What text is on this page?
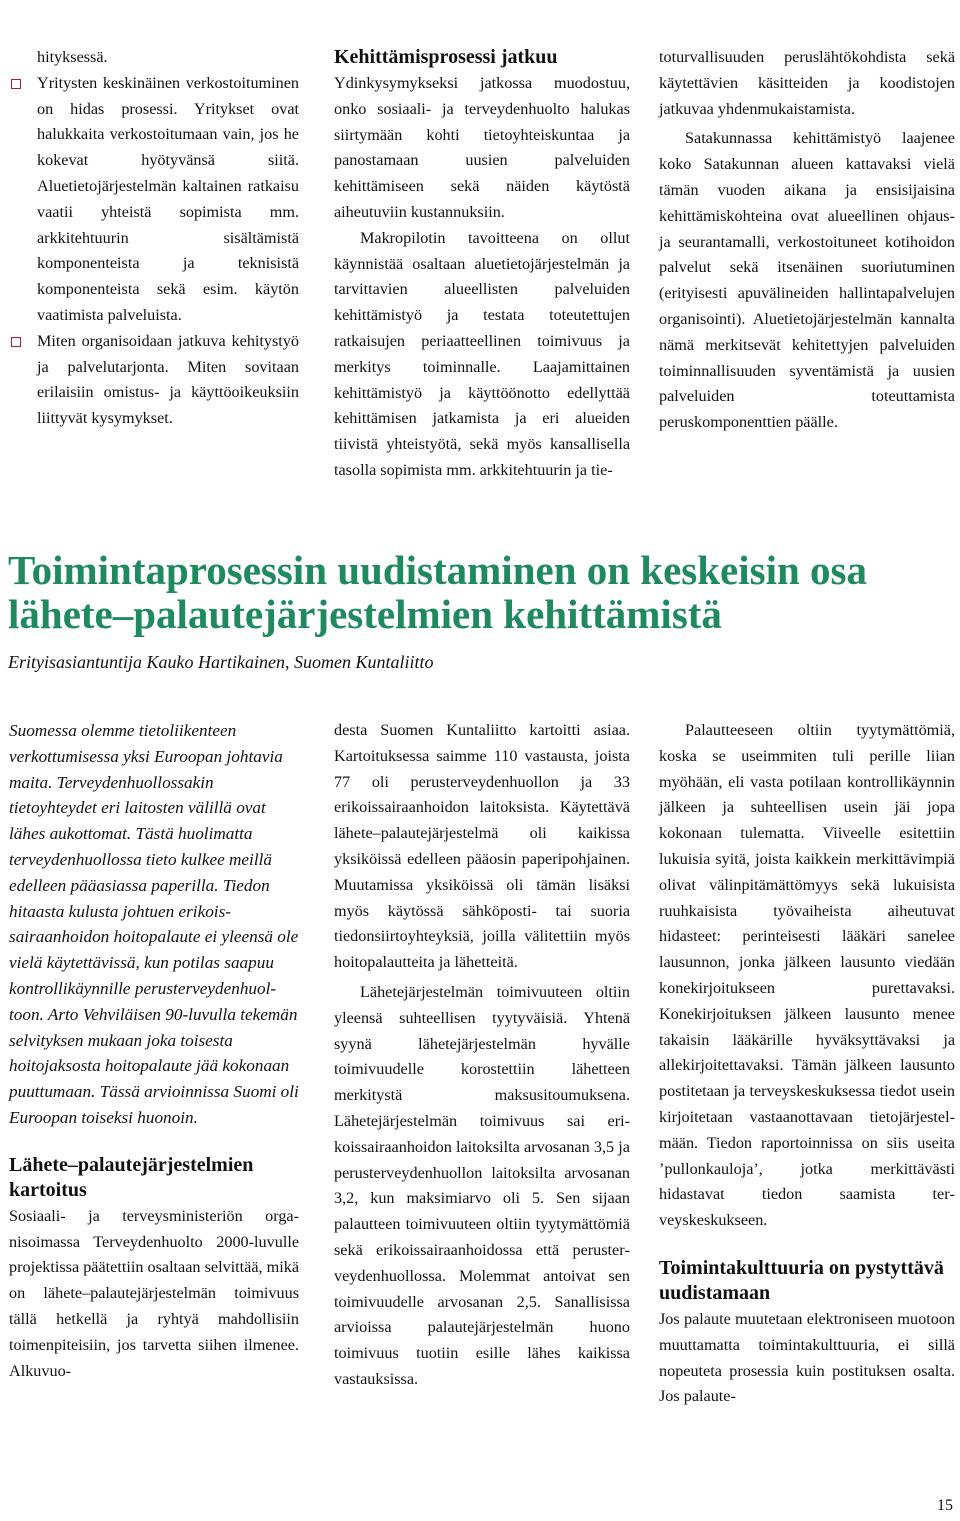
hityksessä.

Yritysten keskinäinen verkostoituminen on hidas prosessi. Yritykset ovat halukkaita verkostoitumaan vain, jos he kokevat hyötyvänsä siitä. Aluetietojärjestelmän kaltainen ratkaisu vaatii yhteistä sopimista mm. arkkitehtuurin sisältämistä komponenteista ja teknisistä komponenteista sekä esim. käytön vaatimista palveluista.
Miten organisoidaan jatkuva kehitystyö ja palvelutarjonta. Miten sovitaan erilaisiin omistus- ja käyttöoikeuksiin liittyvät kysymykset.
Kehittämisprosessi jatkuu

Ydinkysymykseksi jatkossa muodostuu, onko sosiaali- ja terveydenhuolto halukas siirtymään kohti tietoyhteiskuntaa ja panostamaan uusien palveluiden kehittämiseen sekä näiden käytöstä aiheutuviin kustannuksiin.

Makropilotin tavoitteena on ollut käynnistää osaltaan aluetietojärjestelmän ja tarvittavien alueellisten palveluiden kehittämistyö ja testata toteutettujen ratkaisujen periaatteellinen toimivuus ja merkitys toiminnalle. Laajamittainen kehittämistyö ja käyttöönotto edellyttää kehittämisen jatkamista ja eri alueiden tiivistä yhteistyötä, sekä myös kansallisella tasolla sopimista mm. arkkitehtuurin ja tie-

toturvallisuuden peruslähtökohdista sekä käytettävien käsitteiden ja koodistojen jatkuvaa yhdenmukaistamista.

Satakunnassa kehittämistyö laajenee koko Satakunnan alueen kattavaksi vielä tämän vuoden aikana ja ensisijaisina kehittämiskohteina ovat alueellinen ohjaus- ja seurantamalli, verkostoituneet kotihoidon palvelut sekä itsenäinen suoriutuminen (erityisesti apuvälineiden hallintapalvelujen organisointi). Aluetietojärjestelmän kannalta nämä merkitsevät kehitettyjen palveluiden toiminnallisuuden syventämistä ja uusien palveluiden toteuttamista peruskomponenttien päälle.

Toimintaprosessin uudistaminen on keskeisin osa lähete–palautejärjestelmien kehittämistä

Erityisasiantuntija Kauko Hartikainen, Suomen Kuntaliitto

Suomessa olemme tietoliikenteen verkottumisessa yksi Euroopan johtavia maita. Terveydenhuollossakin tietoyhteydet eri laitosten välillä ovat lähes aukottomat. Tästä huolimatta terveydenhuollossa tieto kulkee meillä edelleen pääasiassa paperilla. Tiedon hitaasta kulusta johtuen erikoissairaanhoidon hoitopalaute ei yleensä ole vielä käytettävissä, kun potilas saapuu kontrollikäynnille perusterveydenhuoltoon. Arto Vehviläisen 90-luvulla tekemän selvityksen mukaan joka toisesta hoitojaksosta hoitopalaute jää kokonaan puuttumaan. Tässä arvioinnissa Suomi oli Euroopan toiseksi huonoin.

Lähete–palautejärjestelmien kartoitus

Sosiaali- ja terveysministeriön organisoimassa Terveydenhuolto 2000-luvulle projektissa päätettiin osaltaan selvittää, mikä on lähete–palautejärjestelmän toimivuus tällä hetkellä ja ryhtyä mahdollisiin toimenpiteisiin, jos tarvetta siihen ilmenee. Alkuvuo-

desta Suomen Kuntaliitto kartoitti asiaa. Kartoituksessa saimme 110 vastausta, joista 77 oli perusterveydenhuollon ja 33 erikoissairaanhoidon laitoksista. Käytettävä lähete–palautejärjestelmä oli kaikissa yksiköissä edelleen pääosin paperipohjainen. Muutamissa yksiköissä oli tämän lisäksi myös käytössä sähköposti- tai suoria tiedonsiirtoyhteyksiä, joilla välitettiin myös hoitopalautteita ja lähetteitä.

Lähetejärjestelmän toimivuuteen oltiin yleensä suhteellisen tyytyväisiä. Yhtenä syynä lähetejärjestelmän hyvälle toimivuudelle korostettiin lähetteen merkitystä maksusitoumuksena. Lähetejärjestelmän toimivuus sai erikoissairaanhoidon laitoksilta arvosanan 3,5 ja perusterveydenhuollon laitoksilta arvosanan 3,2, kun maksimiarvo oli 5. Sen sijaan palautteen toimivuuteen oltiin tyytymättömiä sekä erikoissairaanhoidossa että perusterveydenhuollossa. Molemmat antoivat sen toimivuudelle arvosanan 2,5. Sanallisissa arvioissa palautejärjestelmän huono toimivuus tuotiin esille lähes kaikissa vastauksissa.

Palautteeseen oltiin tyytymättömiä, koska se useimmiten tuli perille liian myöhään, eli vasta potilaan kontrollikäynnin jälkeen ja suhteellisen usein jäi jopa kokonaan tulematta. Viiveelle esitettiin lukuisia syitä, joista kaikkein merkittävimpiä olivat välinpitämättömyys sekä lukuisista ruuhkaisista työvaiheista aiheutuvat hidasteet: perinteisesti lääkäri sanelee lausunnon, jonka jälkeen lausunto viedään konekirjoitukseen purettavaksi. Konekirjoituksen jälkeen lausunto menee takaisin lääkärille hyväksyttävaksi ja allekirjoitettavaksi. Tämän jälkeen lausunto postitetaan ja terveyskeskuksessa tiedot usein kirjoitetaan vastaanottavaan tietojärjestelmään. Tiedon raportoinnissa on siis useita ’pullonkauloja’, jotka merkittävästi hidastavat tiedon saamista terveyskeskukseen.

Toimintakulttuuria on pystyttävä uudistamaan

Jos palaute muutetaan elektroniseen muotoon muuttamatta toimintakulttuuria, ei sillä nopeuteta prosessia kuin postituksen osalta. Jos palaute-

15
